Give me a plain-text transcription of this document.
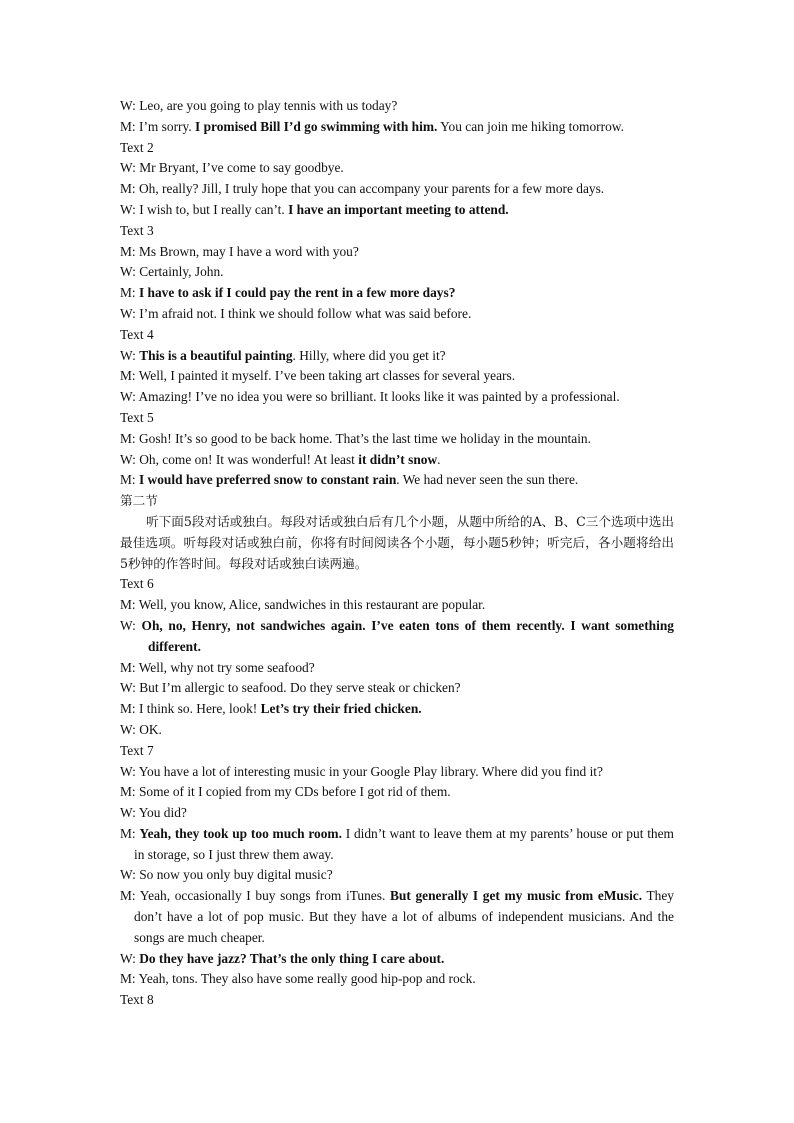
W: Leo, are you going to play tennis with us today?
M: I’m sorry. I promised Bill I’d go swimming with him. You can join me hiking tomorrow.
Text 2
W: Mr Bryant, I’ve come to say goodbye.
M: Oh, really? Jill, I truly hope that you can accompany your parents for a few more days.
W: I wish to, but I really can’t. I have an important meeting to attend.
Text 3
M: Ms Brown, may I have a word with you?
W: Certainly, John.
M: I have to ask if I could pay the rent in a few more days?
W: I’m afraid not. I think we should follow what was said before.
Text 4
W: This is a beautiful painting. Hilly, where did you get it?
M: Well, I painted it myself. I’ve been taking art classes for several years.
W: Amazing! I’ve no idea you were so brilliant. It looks like it was painted by a professional.
Text 5
M: Gosh! It’s so good to be back home. That’s the last time we holiday in the mountain.
W: Oh, come on! It was wonderful! At least it didn’t snow.
M: I would have preferred snow to constant rain. We had never seen the sun there.
第二节
听下面5段对话或独白。每段对话或独白后有几个小题，从题中所给的A、B、C三个选项中选出最佳选项。听每段对话或独白前，你将有时间阅读各个小题，每小题5秒钟；听完后，各小题将给出5秒钟的作答时间。每段对话或独白读两遍。
Text 6
M: Well, you know, Alice, sandwiches in this restaurant are popular.
W: Oh, no, Henry, not sandwiches again. I’ve eaten tons of them recently. I want something different.
M: Well, why not try some seafood?
W: But I’m allergic to seafood. Do they serve steak or chicken?
M: I think so. Here, look! Let’s try their fried chicken.
W: OK.
Text 7
W: You have a lot of interesting music in your Google Play library. Where did you find it?
M: Some of it I copied from my CDs before I got rid of them.
W: You did?
M: Yeah, they took up too much room. I didn’t want to leave them at my parents’ house or put them in storage, so I just threw them away.
W: So now you only buy digital music?
M: Yeah, occasionally I buy songs from iTunes. But generally I get my music from eMusic. They don’t have a lot of pop music. But they have a lot of albums of independent musicians. And the songs are much cheaper.
W: Do they have jazz? That’s the only thing I care about.
M: Yeah, tons. They also have some really good hip-pop and rock.
Text 8
